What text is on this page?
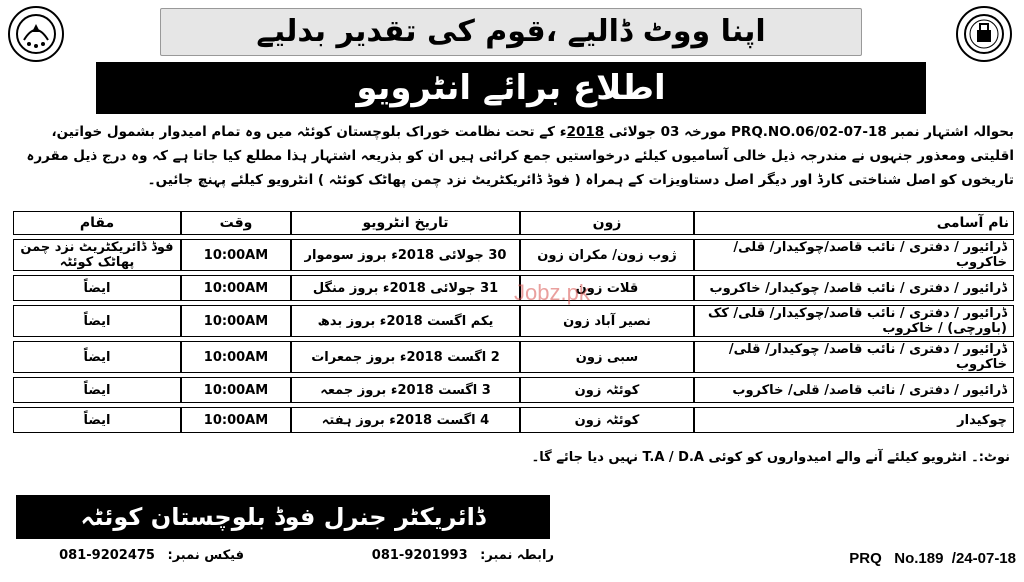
اپنا ووٹ ڈالیے ،قوم کی تقدیر بدلیے
اطلاع برائے انٹرویو
بحوالہ اشتہار نمبر PRQ.NO.06/02-07-18 مورخہ 03 جولائی 2018ء کے تحت نظامت خوراک بلوچستان کوئٹہ میں وہ تمام امیدوار بشمول خواتین، اقلیتی ومعذور جنہوں نے مندرجہ ذیل خالی آسامیوں کیلئے درخواستیں جمع کرائی ہیں ان کو بذریعہ اشتہار ہذا مطلع کیا جاتا ہے کہ وہ درج ذیل مقررہ تاریخوں کو اصل شناختی کارڈ اور دیگر اصل دستاویزات کے ہمراہ ( فوڈ ڈائریکٹریٹ نزد چمن پھاٹک کوئٹہ ) انٹرویو کیلئے پہنچ جائیں۔
نام آسامی	زون	تاریخ انٹرویو	وقت	مقام
ڈرائیور / دفتری / نائب قاصد/چوکیدار/ قلی/ خاکروب	ژوب زون/ مکران زون	30 جولائی 2018ء بروز سوموار	10:00AM	فوڈ ڈائریکٹریٹ نزد چمن پھاٹک کوئٹہ
ڈرائیور / دفتری / نائب قاصد/ چوکیدار/ خاکروب	قلات زون	31 جولائی 2018ء بروز منگل	10:00AM	ایضاً
ڈرائیور / دفتری / نائب قاصد/چوکیدار/ قلی/ کک (باورچی) / خاکروب	نصیر آباد زون	یکم اگست 2018ء بروز بدھ	10:00AM	ایضاً
ڈرائیور / دفتری / نائب قاصد/ چوکیدار/ قلی/ خاکروب	سبی زون	2 اگست 2018ء بروز جمعرات	10:00AM	ایضاً
ڈرائیور / دفتری / نائب قاصد/ قلی/ خاکروب	کوئٹہ زون	3 اگست 2018ء بروز جمعہ	10:00AM	ایضاً
چوکیدار	کوئٹہ زون	4 اگست 2018ء بروز ہفتہ	10:00AM	ایضاً
Jobz.pk
نوٹ:۔ انٹرویو کیلئے آنے والے امیدواروں کو کوئی T.A / D.A نہیں دیا جائے گا۔
ڈائریکٹر جنرل فوڈ بلوچستان کوئٹہ
رابطہ نمبر: 081-9201993
فیکس نمبر: 081-9202475	PRQ   No.189  /24-07-18
